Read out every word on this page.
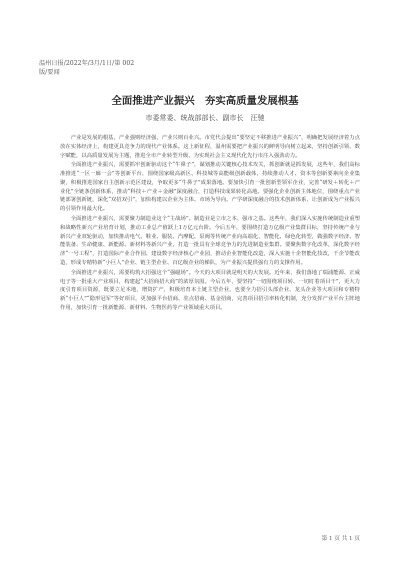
温州日报/2022年/3月/1日/第 002
版/要闻
全面推进产业振兴　夯实高质量发展根基
市委常委、统战部部长、副市长　汪驰

产业是发展的根基，产业强则经济强，产业兴则百业兴。市党代会提出“要坚定不移推进产业振兴”，明确把发展经济着力点放在实体经济上，构建更具竞争力的现代产业体系。这上新征程，温州需要把产业振兴的鲜明导向树立起来，坚持创新引领、数字赋能，以高质量发展为主题，推进全市产业转型升级，为实现社会主义现代化先行市注入强劲动力。

全面推进产业振兴，需要抓牢创新驱动这个“牛鼻子”，谋划推动关键核心技术攻关，抓创新就是抓发展，这些年，我们高标准推进“一区一廊一会”等创新平台，围绕国家级高新区、科技城等高能级创新载体，持续推动人才、资本等创新要素向企业集聚，积极推进国家自主创新示范区建设，争取更多“牛鼻子”成果落地。要加快引育一批创新型领军企业，完善“研发＋转化＋产业化”全链条创新体系，推动“科技＋产业＋金融”深度融合，打造科技成果转化高地。要强化企业创新主体地位，围绕重点产业链部署创新链，深化“双招双引”，加快构建以企业为主体、市场为导向、产学研深度融合的技术创新体系，让创新成为产业振兴的引领作用最大化。

全面推进产业振兴，需要聚力制造业这个“主战场”。制造业是立市之本、强市之基。这些年，我们深入实施传统制造业重塑和战略性新兴产业培育计划，推动工业总产值跃上1万亿元台阶。今后五年，要围绕打造万亿级产业集群目标，坚持传统产业与新兴产业双轮驱动，加快推动电气、鞋业、服装、汽摩配、泵阀等传统产业向高端化、智能化、绿色化转型，做强数字经济、智能装备、生命健康、新能源、新材料等新兴产业，打造一批具有全球竞争力的先进制造业集群。要聚焦数字化改革，深化数字经济“一号工程”，打造国际产业合作园、建设数字经济核心产业园，推动企业智能化改造，深入实施十企智能化技改，千企节能改造，形成专精特新“小巨人”企业、链主型企业、百亿级企业的梯队，为产业振兴提供强有力的支撑作用。

全面推进产业振兴，需要构筑大招强这个“强磁场”。今天的大项目就是明天的大发展。近年来，我们落地了瑞浦能源、正威电子等一批重大产业项目，构建起“大招商招大商”的浓厚氛围。今后五年，要坚持“一切围绕项目转、一切盯着项目干”，更大力度引育项目资源，既要立足本地，增资扩产，积极培育本土链主型企业，也要全力招引头部企业、龙头企业等大项目和专精特新“小巨人”“隐形冠军”等好项目，更加强平台招商、驻点招商、基金招商，完善项目招引率转化机制，充分发挥产业平台主阵地作用，加快引育一批新能源、新材料、生物医药等产业领域重大项目。

第 1 页 共 1 页
